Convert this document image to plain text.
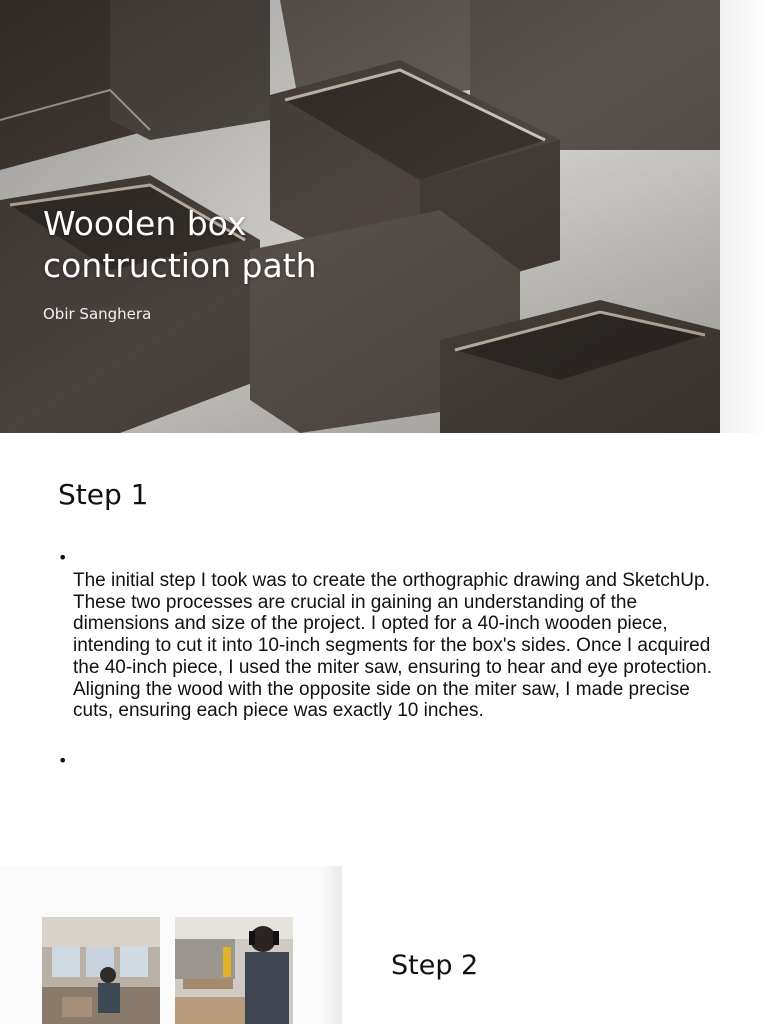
Wooden box
contruction path
Obir Sanghera
Step 1
•
The initial step I took was to create the orthographic drawing and SketchUp. These two processes are crucial in gaining an understanding of the dimensions and size of the project. I opted for a 40-inch wooden piece, intending to cut it into 10-inch segments for the box's sides. Once I acquired the 40-inch piece, I used the miter saw, ensuring to hear and eye protection. Aligning the wood with the opposite side on the miter saw, I made precise cuts, ensuring each piece was exactly 10 inches.
•
Step 2
